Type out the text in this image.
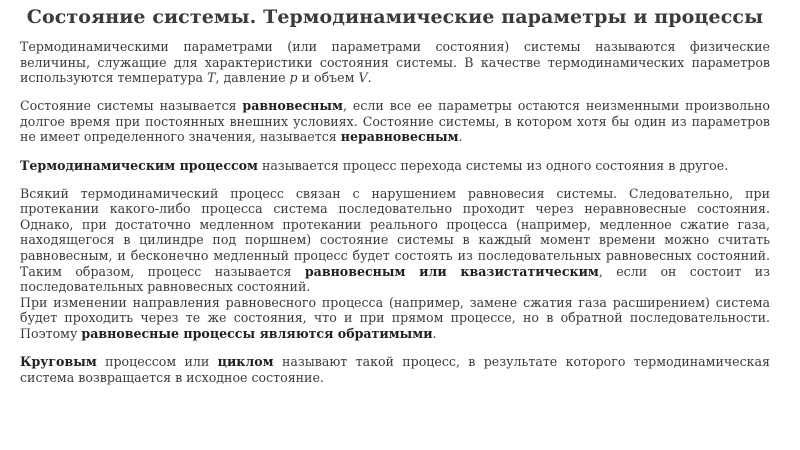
Состояние системы. Термодинамические параметры и процессы

Термодинамическими параметрами (или параметрами состояния) системы называются физические величины, служащие для характеристики состояния системы. В качестве термодинамических параметров используются температура T, давление p и объем V.

Состояние системы называется равновесным, если все ее параметры остаются неизменными произвольно долгое время при постоянных внешних условиях. Состояние системы, в котором хотя бы один из параметров не имеет определенного значения, называется неравновесным.

Термодинамическим процессом называется процесс перехода системы из одного состояния в другое.

Всякий термодинамический процесс связан с нарушением равновесия системы. Следовательно, при протекании какого-либо процесса система последовательно проходит через неравновесные состояния. Однако, при достаточно медленном протекании реального процесса (например, медленное сжатие газа, находящегося в цилиндре под поршнем) состояние системы в каждый момент времени можно считать равновесным, и бесконечно медленный процесс будет состоять из последовательных равновесных состояний. Таким образом, процесс называется равновесным или квазистатическим, если он состоит из последовательных равновесных состояний.

При изменении направления равновесного процесса (например, замене сжатия газа расширением) система будет проходить через те же состояния, что и при прямом процессе, но в обратной последовательности. Поэтому равновесные процессы являются обратимыми.

Круговым процессом или циклом называют такой процесс, в результате которого термодинамическая система возвращается в исходное состояние.
